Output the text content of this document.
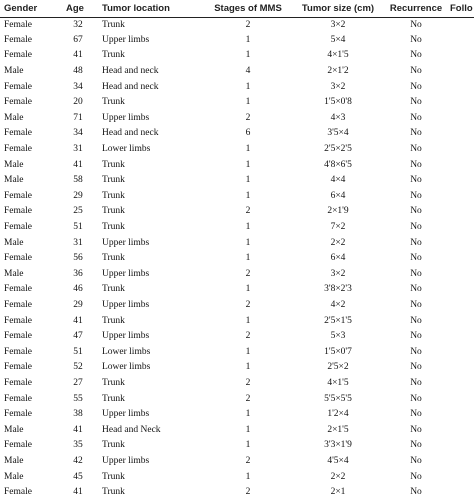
Gender	Age	Tumor location	Stages of MMS	Tumor size (cm)	Recurrence	Follo
Female	32	Trunk	2	3×2	No	
Female	67	Upper limbs	1	5×4	No	
Female	41	Trunk	1	4×1'5	No	
Male	48	Head and neck	4	2×1'2	No	
Female	34	Head and neck	1	3×2	No	
Female	20	Trunk	1	1'5×0'8	No	
Male	71	Upper limbs	2	4×3	No	
Female	34	Head and neck	6	3'5×4	No	
Female	31	Lower limbs	1	2'5×2'5	No	
Male	41	Trunk	1	4'8×6'5	No	
Male	58	Trunk	1	4×4	No	
Female	29	Trunk	1	6×4	No	
Female	25	Trunk	2	2×1'9	No	
Female	51	Trunk	1	7×2	No	
Male	31	Upper limbs	1	2×2	No	
Female	56	Trunk	1	6×4	No	
Male	36	Upper limbs	2	3×2	No	
Female	46	Trunk	1	3'8×2'3	No	
Female	29	Upper limbs	2	4×2	No	
Female	41	Trunk	1	2'5×1'5	No	
Female	47	Upper limbs	2	5×3	No	
Female	51	Lower limbs	1	1'5×0'7	No	
Female	52	Lower limbs	1	2'5×2	No	
Female	27	Trunk	2	4×1'5	No	
Female	55	Trunk	2	5'5×5'5	No	
Female	38	Upper limbs	1	1'2×4	No	
Male	41	Head and Neck	1	2×1'5	No	
Female	35	Trunk	1	3'3×1'9	No	
Male	42	Upper limbs	2	4'5×4	No	
Male	45	Trunk	1	2×2	No	
Female	41	Trunk	2	2×1	No	
